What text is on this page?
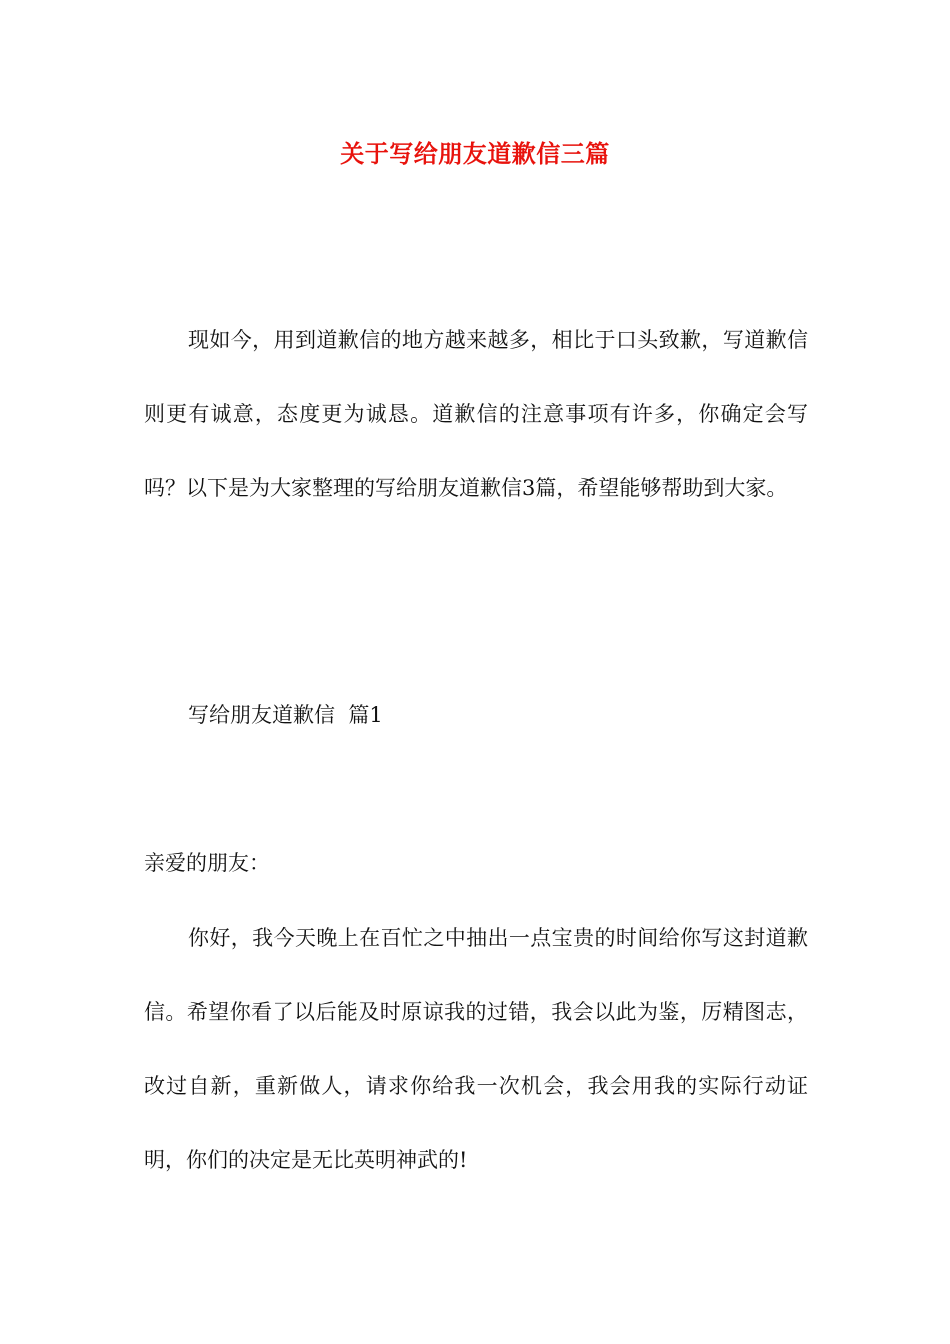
关于写给朋友道歉信三篇

现如今，用到道歉信的地方越来越多，相比于口头致歉，写道歉信则更有诚意，态度更为诚恳。道歉信的注意事项有许多，你确定会写吗？以下是为大家整理的写给朋友道歉信3篇，希望能够帮助到大家。

写给朋友道歉信  篇1

亲爱的朋友：

你好，我今天晚上在百忙之中抽出一点宝贵的时间给你写这封道歉信。希望你看了以后能及时原谅我的过错，我会以此为鉴，厉精图志，改过自新，重新做人，请求你给我一次机会，我会用我的实际行动证明，你们的决定是无比英明神武的!
